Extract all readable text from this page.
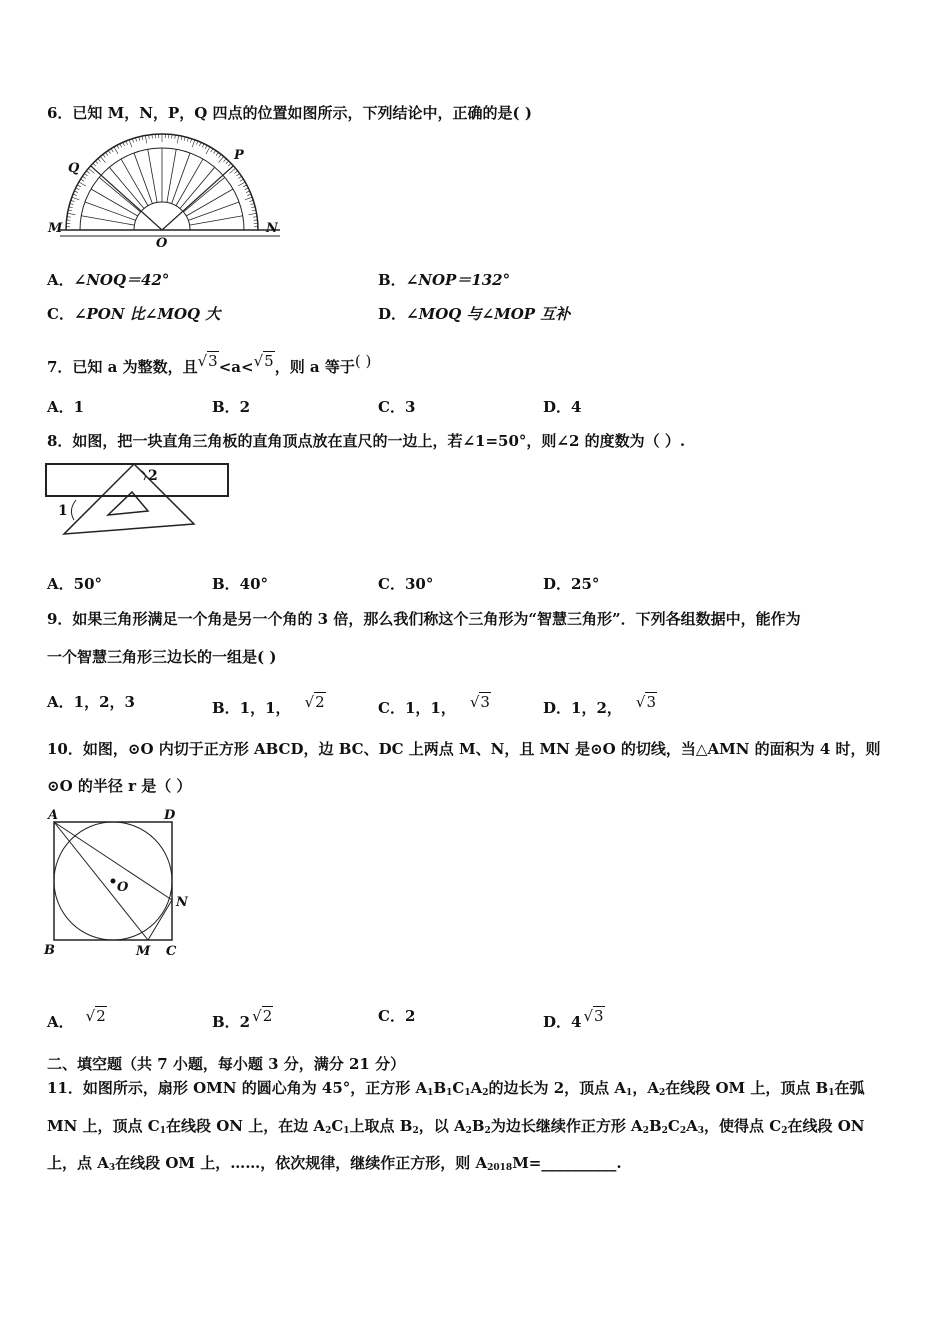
6．已知 M，N，P，Q 四点的位置如图所示，下列结论中，正确的是( )
M	N
P
Q
O
A．∠NOQ＝42°	B．∠NOP＝132°
C．∠PON 比∠MOQ 大	D．∠MOQ 与∠MOP 互补
7．已知 a 为整数，且√3<a<√5，则 a 等于( )
A．1	B．2	C．3	D．4
8．如图，把一块直角三角板的直角顶点放在直尺的一边上，若∠1=50°，则∠2 的度数为（ ）.
1
2
A．50°	B．40°	C．30°	D．25°
9．如果三角形满足一个角是另一个角的 3 倍，那么我们称这个三角形为“智慧三角形”．下列各组数据中，能作为
一个智慧三角形三边长的一组是( )
A．1，2，3	B．1，1， √2	C．1，1， √3	D．1，2， √3
10．如图，⊙O 内切于正方形 ABCD，边 BC、DC 上两点 M、N，且 MN 是⊙O 的切线，当△AMN 的面积为 4 时，则
⊙O 的半径 r 是（ ）
A	D
B	C
M
N
O
A． √2	B．2 √2	C．2	D．4 √3
二、填空题（共 7 小题，每小题 3 分，满分 21 分）
11．如图所示，扇形 OMN 的圆心角为 45°，正方形 $A_1B_1C_1A_2$的边长为 2，顶点 $A_1$，$A_2$在线段 OM 上，顶点 $B_1$在弧
MN 上，顶点 $C_1$在线段 ON 上，在边 $A_2C_1$上取点 $B_2$，以 $A_2B_2$为边长继续作正方形 $A_2B_2C_2A_3$，使得点 $C_2$在线段 ON
上，点 $A_3$在线段 OM 上，……，依次规律，继续作正方形，则 $A_{2018}M=\_\_\_\_\_\_\_\_\_\_$.
